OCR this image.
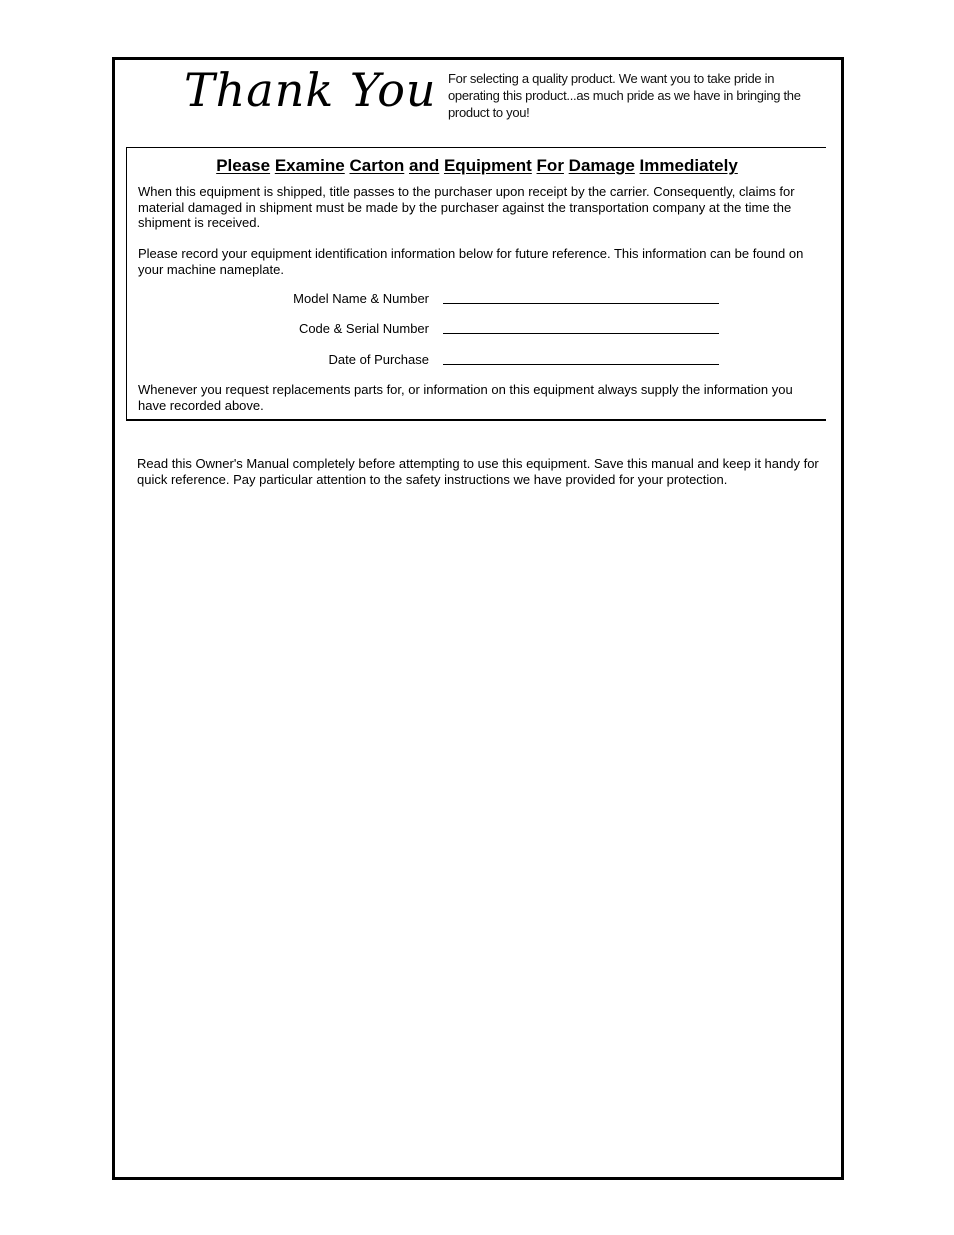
Thank You For selecting a quality product. We want you to take pride in operating this product...as much pride as we have in bringing the product to you!
Please Examine Carton and Equipment For Damage Immediately
When this equipment is shipped, title passes to the purchaser upon receipt by the carrier. Consequently, claims for material damaged in shipment must be made by the purchaser against the transportation company at the time the shipment is received.
Please record your equipment identification information below for future reference. This information can be found on your machine nameplate.
Model Name & Number
Code & Serial Number
Date of Purchase
Whenever you request replacements parts for, or information on this equipment always supply the information you have recorded above.
Read this Owner's Manual completely before attempting to use this equipment. Save this manual and keep it handy for quick reference. Pay particular attention to the safety instructions we have provided for your protection.
